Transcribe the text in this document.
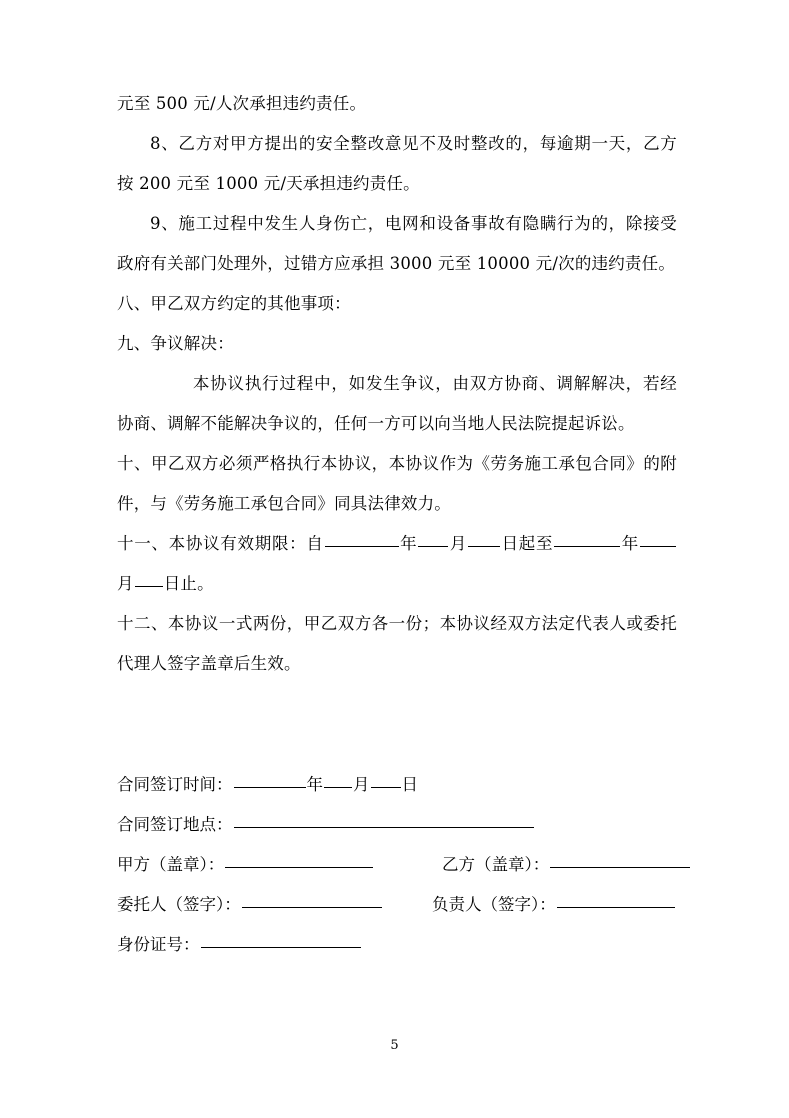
元至 500 元/人次承担违约责任。

8、乙方对甲方提出的安全整改意见不及时整改的，每逾期一天，乙方按 200 元至 1000 元/天承担违约责任。

9、施工过程中发生人身伤亡，电网和设备事故有隐瞒行为的，除接受政府有关部门处理外，过错方应承担 3000 元至 10000 元/次的违约责任。

八、甲乙双方约定的其他事项：

九、争议解决：

本协议执行过程中，如发生争议，由双方协商、调解解决，若经协商、调解不能解决争议的，任何一方可以向当地人民法院提起诉讼。

十、甲乙双方必须严格执行本协议，本协议作为《劳务施工承包合同》的附件，与《劳务施工承包合同》同具法律效力。

十一、本协议有效期限：自	年 月 日起至	年月 日止。

十二、本协议一式两份，甲乙双方各一份；本协议经双方法定代表人或委托代理人签字盖章后生效。

合同签订时间：	年 月 日
合同签订地点：
甲方（盖章）：	乙方（盖章）：
委托人（签字）：	负责人（签字）：
身份证号：
5
